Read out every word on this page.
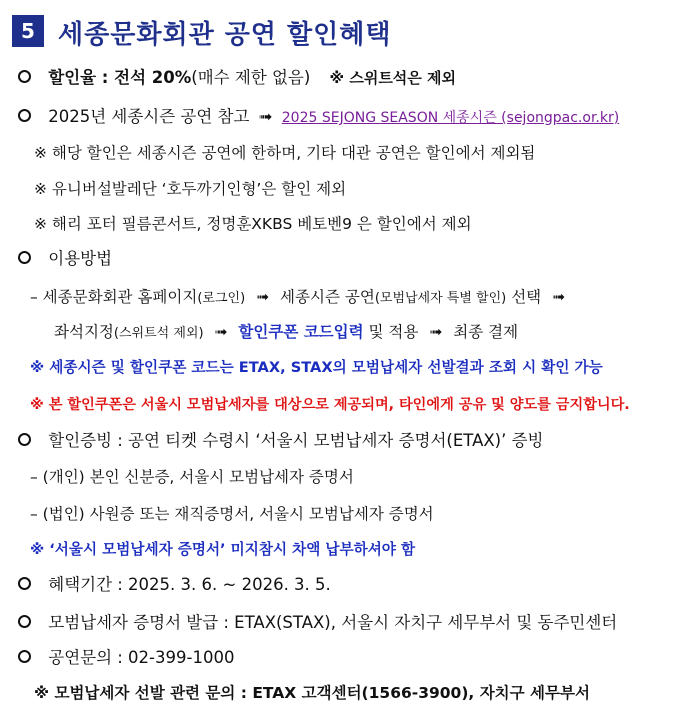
5 세종문화회관 공연 할인혜택
할인율 : 전석 20%(매수 제한 없음) ※ 스위트석은 제외
2025년 세종시즌 공연 참고 ➟ 2025 SEJONG SEASON 세종시즌 (sejongpac.or.kr)
※ 해당 할인은 세종시즌 공연에 한하며, 기타 대관 공연은 할인에서 제외됨
※ 유니버설발레단 ‘호두까기인형’은 할인 제외
※ 해리 포터 필름콘서트, 정명훈XKBS 베토벤9 은 할인에서 제외
이용방법
– 세종문화회관 홈페이지(로그인) ➟ 세종시즌 공연(모범납세자 특별 할인) 선택 ➟
좌석지정(스위트석 제외) ➟ 할인쿠폰 코드입력 및 적용 ➟ 최종 결제
※ 세종시즌 및 할인쿠폰 코드는 ETAX, STAX의 모범납세자 선발결과 조회 시 확인 가능
※ 본 할인쿠폰은 서울시 모범납세자를 대상으로 제공되며, 타인에게 공유 및 양도를 금지합니다.
할인증빙 : 공연 티켓 수령시 ‘서울시 모범납세자 증명서(ETAX)’ 증빙
– (개인) 본인 신분증, 서울시 모범납세자 증명서
– (법인) 사원증 또는 재직증명서, 서울시 모범납세자 증명서
※ ‘서울시 모범납세자 증명서’ 미지참시 차액 납부하셔야 함
혜택기간 : 2025. 3. 6. ~ 2026. 3. 5.
모범납세자 증명서 발급 : ETAX(STAX), 서울시 자치구 세무부서 및 동주민센터
공연문의 : 02-399-1000
※ 모범납세자 선발 관련 문의 : ETAX 고객센터(1566-3900), 자치구 세무부서
